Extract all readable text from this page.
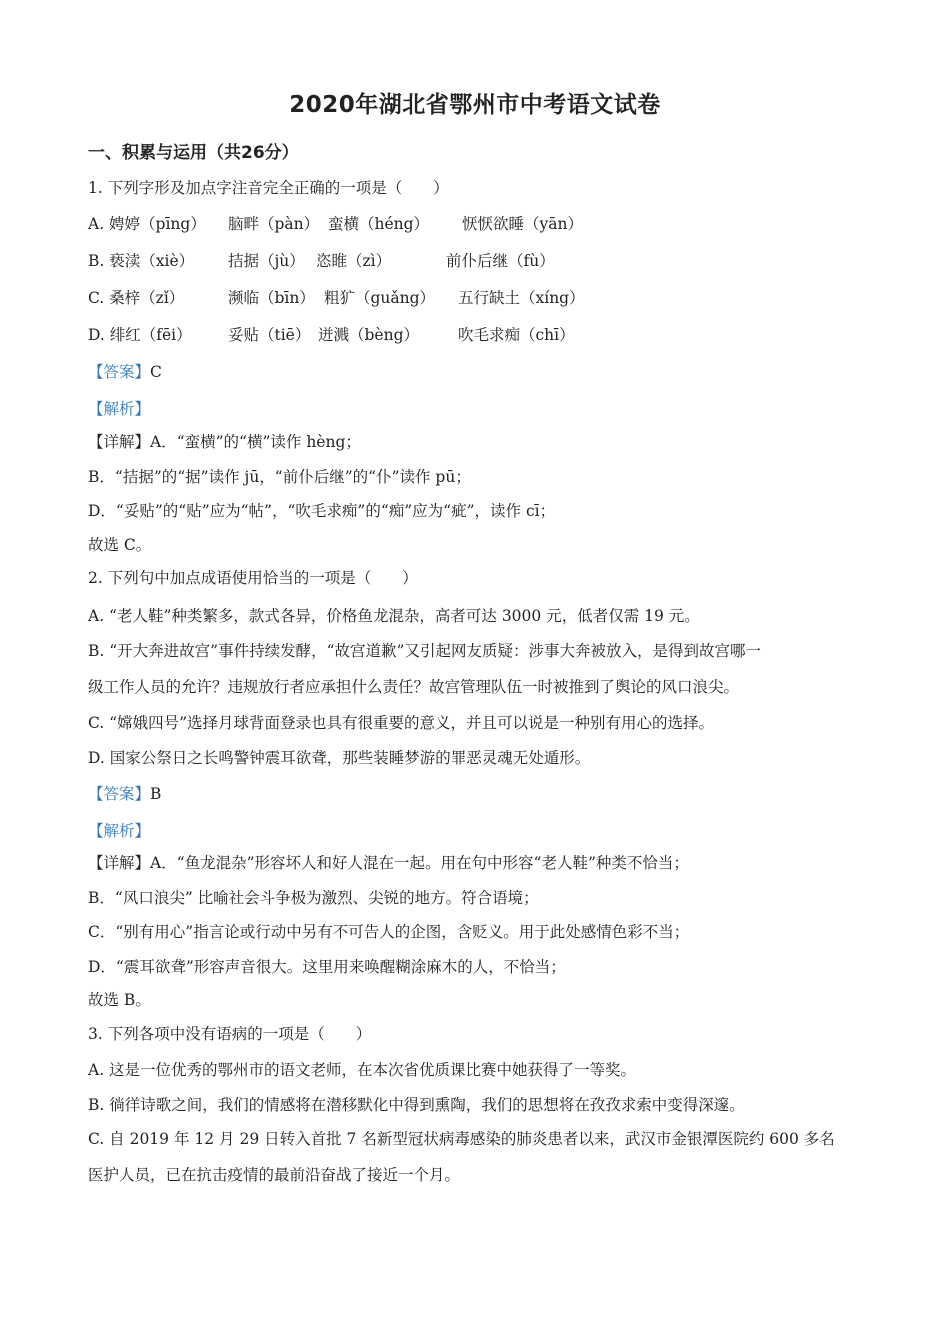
2020年湖北省鄂州市中考语文试卷
一、积累与运用（共26分）
1. 下列字形及加点字注音完全正确的一项是（　　）
A. 娉婷（pīng） 脑畔（pàn） 蛮横（héng） 恹恹欲睡（yān）
B. 亵渎（xiè） 拮据（jù） 恣睢（zì）	前仆后继（fù）
C. 桑梓（zǐ）	濒临（bīn） 粗犷（guǎng） 五行缺土（xíng）
D. 绯红（fēi） 妥贴（tiē） 迸溅（bèng）	吹毛求痴（chī）
【答案】C
【解析】
【详解】A．“蛮横”的“横”读作 hèng；
B．“拮据”的“据”读作 jū，“前仆后继”的“仆”读作 pū；
D．“妥贴”的“贴”应为“帖”，“吹毛求痴”的“痴”应为“疵”，读作 cī；
故选 C。
2. 下列句中加点成语使用恰当的一项是（　　）
A. “老人鞋”种类繁多，款式各异，价格鱼龙混杂，高者可达 3000 元，低者仅需 19 元。
B. “开大奔进故宫”事件持续发酵，“故宫道歉”又引起网友质疑：涉事大奔被放入，是得到故宫哪一
级工作人员的允许？违规放行者应承担什么责任？故宫管理队伍一时被推到了舆论的风口浪尖。
C. “嫦娥四号”选择月球背面登录也具有很重要的意义，并且可以说是一种别有用心的选择。
D. 国家公祭日之长鸣警钟震耳欲聋，那些装睡梦游的罪恶灵魂无处遁形。
【答案】B
【解析】
【详解】A．“鱼龙混杂”形容坏人和好人混在一起。用在句中形容“老人鞋”种类不恰当；
B．“风口浪尖” 比喻社会斗争极为激烈、尖锐的地方。符合语境；
C．“别有用心”指言论或行动中另有不可告人的企图，含贬义。用于此处感情色彩不当；
D．“震耳欲聋”形容声音很大。这里用来唤醒糊涂麻木的人，不恰当；
故选 B。
3. 下列各项中没有语病的一项是（　　）
A. 这是一位优秀的鄂州市的语文老师，在本次省优质课比赛中她获得了一等奖。
B. 徜徉诗歌之间，我们的情感将在潜移默化中得到熏陶，我们的思想将在孜孜求索中变得深邃。
C. 自 2019 年 12 月 29 日转入首批 7 名新型冠状病毒感染的肺炎患者以来，武汉市金银潭医院约 600 多名
医护人员，已在抗击疫情的最前沿奋战了接近一个月。
